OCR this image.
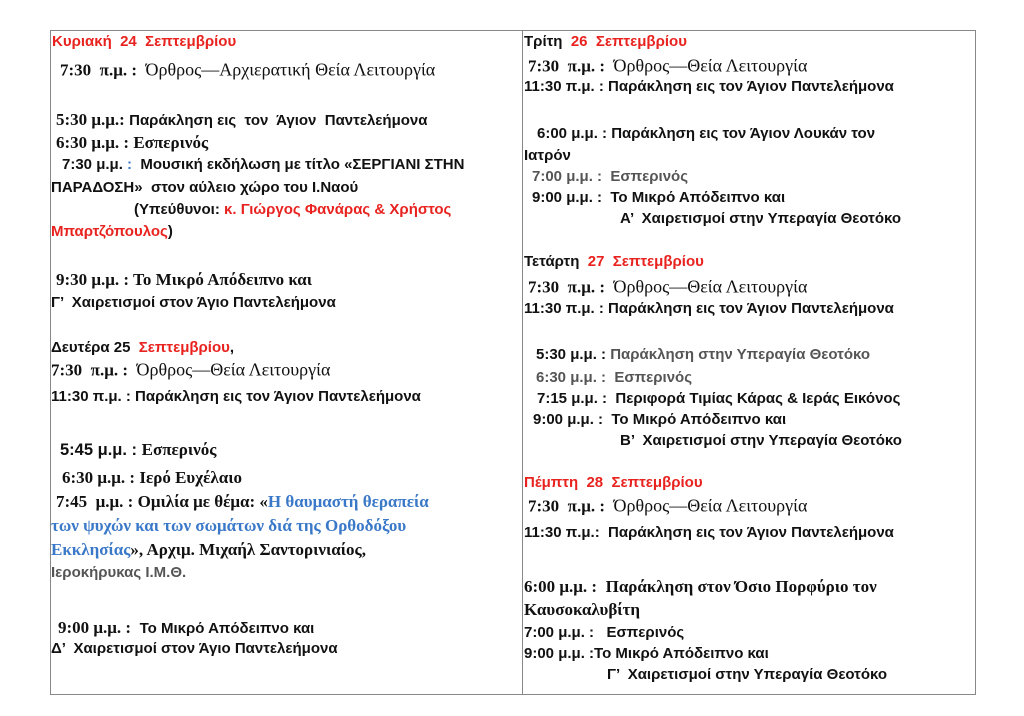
Κυριακή  24  Σεπτεμβρίου
7:30  π.μ. :  Όρθρος—Αρχιερατική Θεία Λειτουργία
5:30 μ.μ.: Παράκληση εις  τον  Άγιον  Παντελεήμονα
6:30 μ.μ. : Εσπερινός
7:30 μ.μ. :  Μουσική εκδήλωση με τίτλο «ΣΕΡΓΙΑΝΙ ΣΤΗΝ
ΠΑΡΑΔΟΣΗ»  στον αύλειο χώρο του Ι.Ναού
(Υπεύθυνοι: κ. Γιώργος Φανάρας & Χρήστος
Μπαρτζόπουλος)
9:30 μ.μ. : Το Μικρό Απόδειπνο και
Γ’  Χαιρετισμοί στον Άγιο Παντελεήμονα
Δευτέρα 25  Σεπτεμβρίου,
7:30  π.μ. :  Όρθρος—Θεία Λειτουργία
11:30 π.μ. : Παράκληση εις τον Άγιον Παντελεήμονα
5:45 μ.μ. : Εσπερινός
6:30 μ.μ. : Ιερό Ευχέλαιο
7:45  μ.μ. : Ομιλία με θέμα: «Η θαυμαστή θεραπεία
των ψυχών και των σωμάτων διά της Ορθοδόξου
Εκκλησίας», Αρχιμ. Μιχαήλ Σαντορινιαίος,
Ιεροκήρυκας Ι.Μ.Θ.
9:00 μ.μ. :  Το Μικρό Απόδειπνο και
Δ’  Χαιρετισμοί στον Άγιο Παντελεήμονα
Τρίτη  26  Σεπτεμβρίου
7:30  π.μ. :  Όρθρος—Θεία Λειτουργία
11:30 π.μ. : Παράκληση εις τον Άγιον Παντελεήμονα
6:00 μ.μ. : Παράκληση εις τον Άγιον Λουκάν τον
Ιατρόν
7:00 μ.μ. :  Εσπερινός
9:00 μ.μ. :  Το Μικρό Απόδειπνο και
Α’  Χαιρετισμοί στην Υπεραγία Θεοτόκο
Τετάρτη  27  Σεπτεμβρίου
7:30  π.μ. :  Όρθρος—Θεία Λειτουργία
11:30 π.μ. : Παράκληση εις τον Άγιον Παντελεήμονα
5:30 μ.μ. : Παράκληση στην Υπεραγία Θεοτόκο
6:30 μ.μ. :  Εσπερινός
7:15 μ.μ. :  Περιφορά Τιμίας Κάρας & Ιεράς Εικόνος
9:00 μ.μ. :  Το Μικρό Απόδειπνο και
Β’  Χαιρετισμοί στην Υπεραγία Θεοτόκο
Πέμπτη  28  Σεπτεμβρίου
7:30  π.μ. :  Όρθρος—Θεία Λειτουργία
11:30 π.μ.:  Παράκληση εις τον Άγιον Παντελεήμονα
6:00 μ.μ. :  Παράκληση στον Όσιο Πορφύριο τον
Καυσοκαλυβίτη
7:00 μ.μ. :   Εσπερινός
9:00 μ.μ. :Το Μικρό Απόδειπνο και
Γ’  Χαιρετισμοί στην Υπεραγία Θεοτόκο
